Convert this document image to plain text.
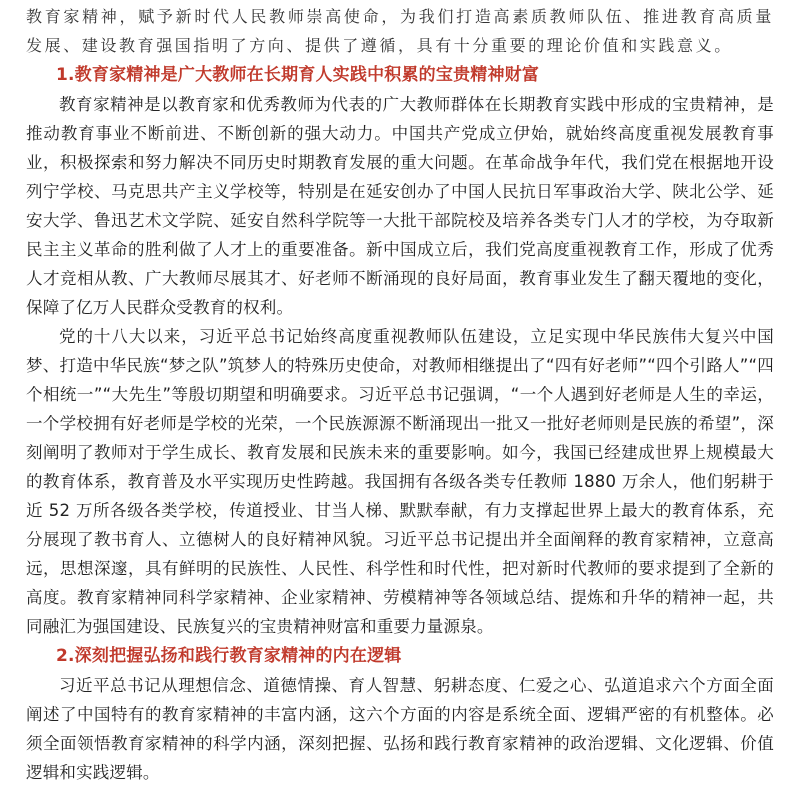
教育家精神，赋予新时代人民教师崇高使命，为我们打造高素质教师队伍、推进教育高质量发展、建设教育强国指明了方向、提供了遵循，具有十分重要的理论价值和实践意义。

1.教育家精神是广大教师在长期育人实践中积累的宝贵精神财富

教育家精神是以教育家和优秀教师为代表的广大教师群体在长期教育实践中形成的宝贵精神，是推动教育事业不断前进、不断创新的强大动力。中国共产党成立伊始，就始终高度重视发展教育事业，积极探索和努力解决不同历史时期教育发展的重大问题。在革命战争年代，我们党在根据地开设列宁学校、马克思共产主义学校等，特别是在延安创办了中国人民抗日军事政治大学、陕北公学、延安大学、鲁迅艺术文学院、延安自然科学院等一大批干部院校及培养各类专门人才的学校，为夺取新民主主义革命的胜利做了人才上的重要准备。新中国成立后，我们党高度重视教育工作，形成了优秀人才竞相从教、广大教师尽展其才、好老师不断涌现的良好局面，教育事业发生了翻天覆地的变化，保障了亿万人民群众受教育的权利。

党的十八大以来，习近平总书记始终高度重视教师队伍建设，立足实现中华民族伟大复兴中国梦、打造中华民族“梦之队”筑梦人的特殊历史使命，对教师相继提出了“四有好老师”“四个引路人”“四个相统一”“大先生”等殷切期望和明确要求。习近平总书记强调，“一个人遇到好老师是人生的幸运，一个学校拥有好老师是学校的光荣，一个民族源源不断涌现出一批又一批好老师则是民族的希望”，深刻阐明了教师对于学生成长、教育发展和民族未来的重要影响。如今，我国已经建成世界上规模最大的教育体系，教育普及水平实现历史性跨越。我国拥有各级各类专任教师 1880 万余人，他们躬耕于近 52 万所各级各类学校，传道授业、甘当人梯、默默奉献，有力支撑起世界上最大的教育体系，充分展现了教书育人、立德树人的良好精神风貌。习近平总书记提出并全面阐释的教育家精神，立意高远，思想深邃，具有鲜明的民族性、人民性、科学性和时代性，把对新时代教师的要求提到了全新的高度。教育家精神同科学家精神、企业家精神、劳模精神等各领域总结、提炼和升华的精神一起，共同融汇为强国建设、民族复兴的宝贵精神财富和重要力量源泉。

2.深刻把握弘扬和践行教育家精神的内在逻辑

习近平总书记从理想信念、道德情操、育人智慧、躬耕态度、仁爱之心、弘道追求六个方面全面阐述了中国特有的教育家精神的丰富内涵，这六个方面的内容是系统全面、逻辑严密的有机整体。必须全面领悟教育家精神的科学内涵，深刻把握、弘扬和践行教育家精神的政治逻辑、文化逻辑、价值逻辑和实践逻辑。
